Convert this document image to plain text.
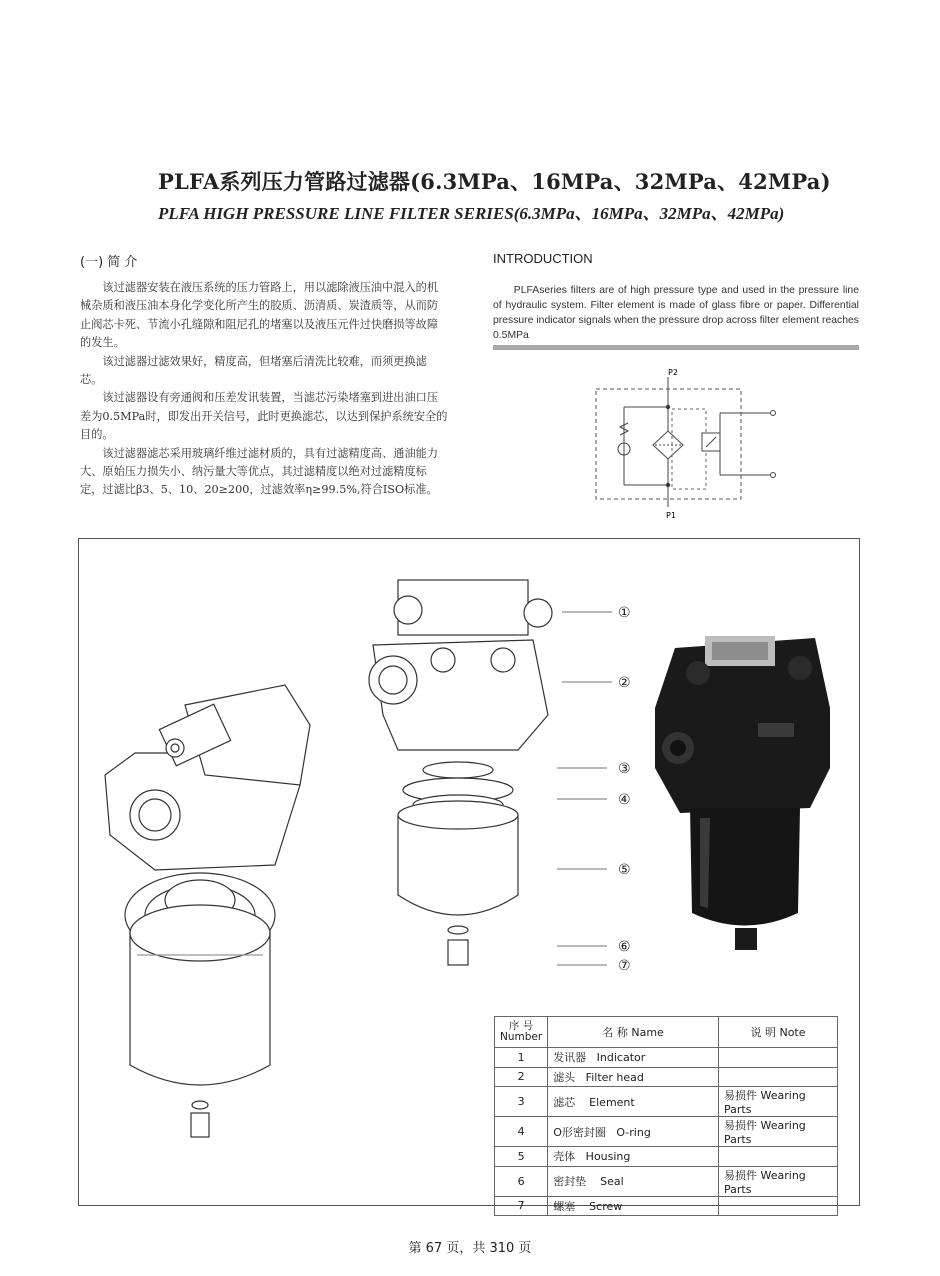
PLFA系列压力管路过滤器(6.3MPa、16MPa、32MPa、42MPa)
PLFA HIGH PRESSURE LINE FILTER SERIES(6.3MPa、16MPa、32MPa、42MPa)
(一) 简 介	INTRODUCTION

该过滤器安装在液压系统的压力管路上，用以滤除液压油中混入的机械杂质和液压油本身化学变化所产生的胶质、沥清质、炭渣质等，从而防止阀芯卡死、节流小孔缝隙和阻尼孔的堵塞以及液压元件过快磨损等故障的发生。

该过滤器过滤效果好，精度高，但堵塞后清洗比较难，而须更换滤芯。

该过滤器设有旁通阀和压差发讯装置，当滤芯污染堵塞到进出油口压差为0.5MPa时，即发出开关信号，此时更换滤芯，以达到保护系统安全的目的。

该过滤器滤芯采用玻璃纤维过滤材质的，具有过滤精度高、通油能力大、原始压力损失小、纳污量大等优点，其过滤精度以绝对过滤精度标定，过滤比β3、5、10、20≥200，过滤效率η≥99.5%,符合ISO标准。

PLFAseries filters are of high pressure type and used in the pressure line of hydraulic system. Filter element is made of glass fibre or paper. Differential pressure indicator signals when the pressure drop across filter element reaches 0.5MPa
P2
P1
①
②
③
④
⑤
⑥
⑦
序 号
Number	名 称 Name	说 明 Note
1	发讯器   Indicator	
2	滤头   Filter head	
3	滤芯    Element	易损件 Wearing Parts
4	O形密封圈   O-ring	易损件 Wearing Parts
5	壳体   Housing	
6	密封垫    Seal	易损件 Wearing Parts
7	螺塞    Screw	
第 67 页，共 310 页
